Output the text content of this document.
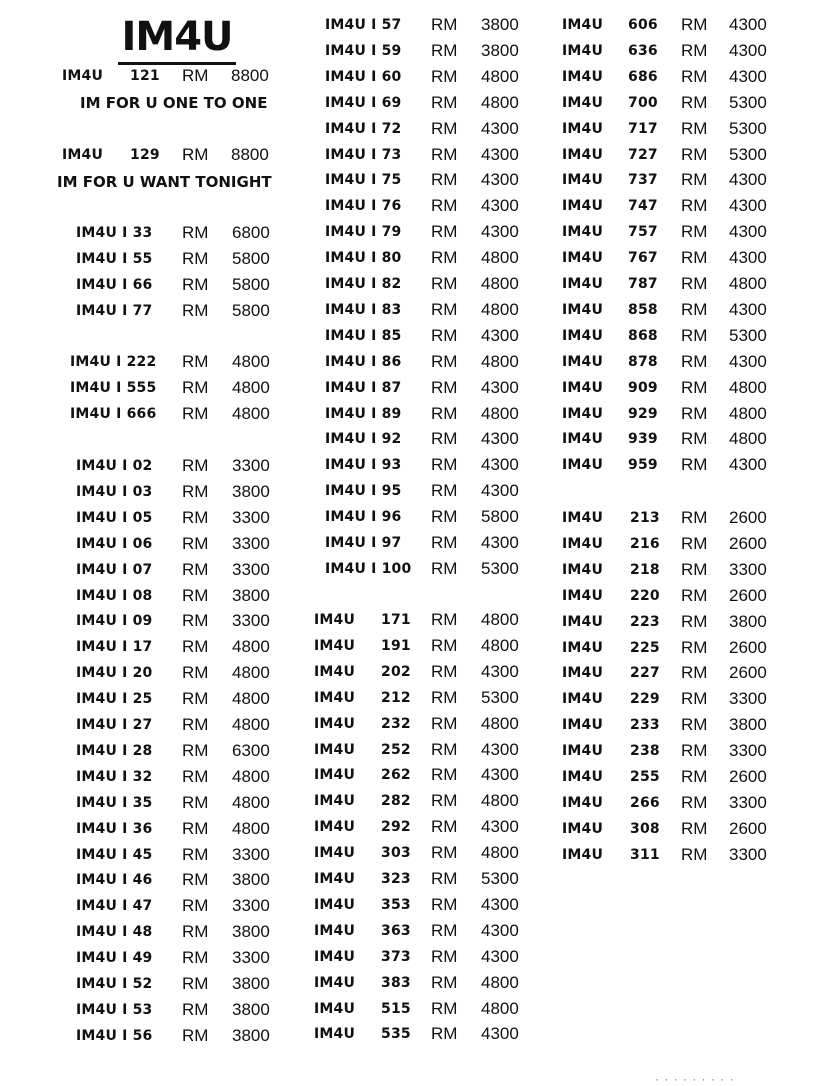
IM4U
IM4U 121 RM 8800
IM FOR U ONE TO ONE
IM4U 129 RM 8800
IM FOR U WANT TONIGHT
IM4U I 33 RM 6800
IM4U I 55 RM 5800
IM4U I 66 RM 5800
IM4U I 77 RM 5800
IM4U I 222 RM 4800
IM4U I 555 RM 4800
IM4U I 666 RM 4800
IM4U I 02 RM 3300
IM4U I 03 RM 3800
IM4U I 05 RM 3300
IM4U I 06 RM 3300
IM4U I 07 RM 3300
IM4U I 08 RM 3800
IM4U I 09 RM 3300
IM4U I 17 RM 4800
IM4U I 20 RM 4800
IM4U I 25 RM 4800
IM4U I 27 RM 4800
IM4U I 28 RM 6300
IM4U I 32 RM 4800
IM4U I 35 RM 4800
IM4U I 36 RM 4800
IM4U I 45 RM 3300
IM4U I 46 RM 3800
IM4U I 47 RM 3300
IM4U I 48 RM 3800
IM4U I 49 RM 3300
IM4U I 52 RM 3800
IM4U I 53 RM 3800
IM4U I 56 RM 3800
IM4U I 57 RM 3800
IM4U I 59 RM 3800
IM4U I 60 RM 4800
IM4U I 69 RM 4800
IM4U I 72 RM 4300
IM4U I 73 RM 4300
IM4U I 75 RM 4300
IM4U I 76 RM 4300
IM4U I 79 RM 4300
IM4U I 80 RM 4800
IM4U I 82 RM 4800
IM4U I 83 RM 4800
IM4U I 85 RM 4300
IM4U I 86 RM 4800
IM4U I 87 RM 4300
IM4U I 89 RM 4800
IM4U I 92 RM 4300
IM4U I 93 RM 4300
IM4U I 95 RM 4300
IM4U I 96 RM 5800
IM4U I 97 RM 4300
IM4U I 100 RM 5300
IM4U 171 RM 4800
IM4U 191 RM 4800
IM4U 202 RM 4300
IM4U 212 RM 5300
IM4U 232 RM 4800
IM4U 252 RM 4300
IM4U 262 RM 4300
IM4U 282 RM 4800
IM4U 292 RM 4300
IM4U 303 RM 4800
IM4U 323 RM 5300
IM4U 353 RM 4300
IM4U 363 RM 4300
IM4U 373 RM 4300
IM4U 383 RM 4800
IM4U 515 RM 4800
IM4U 535 RM 4300
IM4U 606 RM 4300
IM4U 636 RM 4300
IM4U 686 RM 4300
IM4U 700 RM 5300
IM4U 717 RM 5300
IM4U 727 RM 5300
IM4U 737 RM 4300
IM4U 747 RM 4300
IM4U 757 RM 4300
IM4U 767 RM 4300
IM4U 787 RM 4800
IM4U 858 RM 4300
IM4U 868 RM 5300
IM4U 878 RM 4300
IM4U 909 RM 4800
IM4U 929 RM 4800
IM4U 939 RM 4800
IM4U 959 RM 4300
IM4U 213 RM 2600
IM4U 216 RM 2600
IM4U 218 RM 3300
IM4U 220 RM 2600
IM4U 223 RM 3800
IM4U 225 RM 2600
IM4U 227 RM 2600
IM4U 229 RM 3300
IM4U 233 RM 3800
IM4U 238 RM 3300
IM4U 255 RM 2600
IM4U 266 RM 3300
IM4U 308 RM 2600
IM4U 311 RM 3300
· · · · · · · · ·
